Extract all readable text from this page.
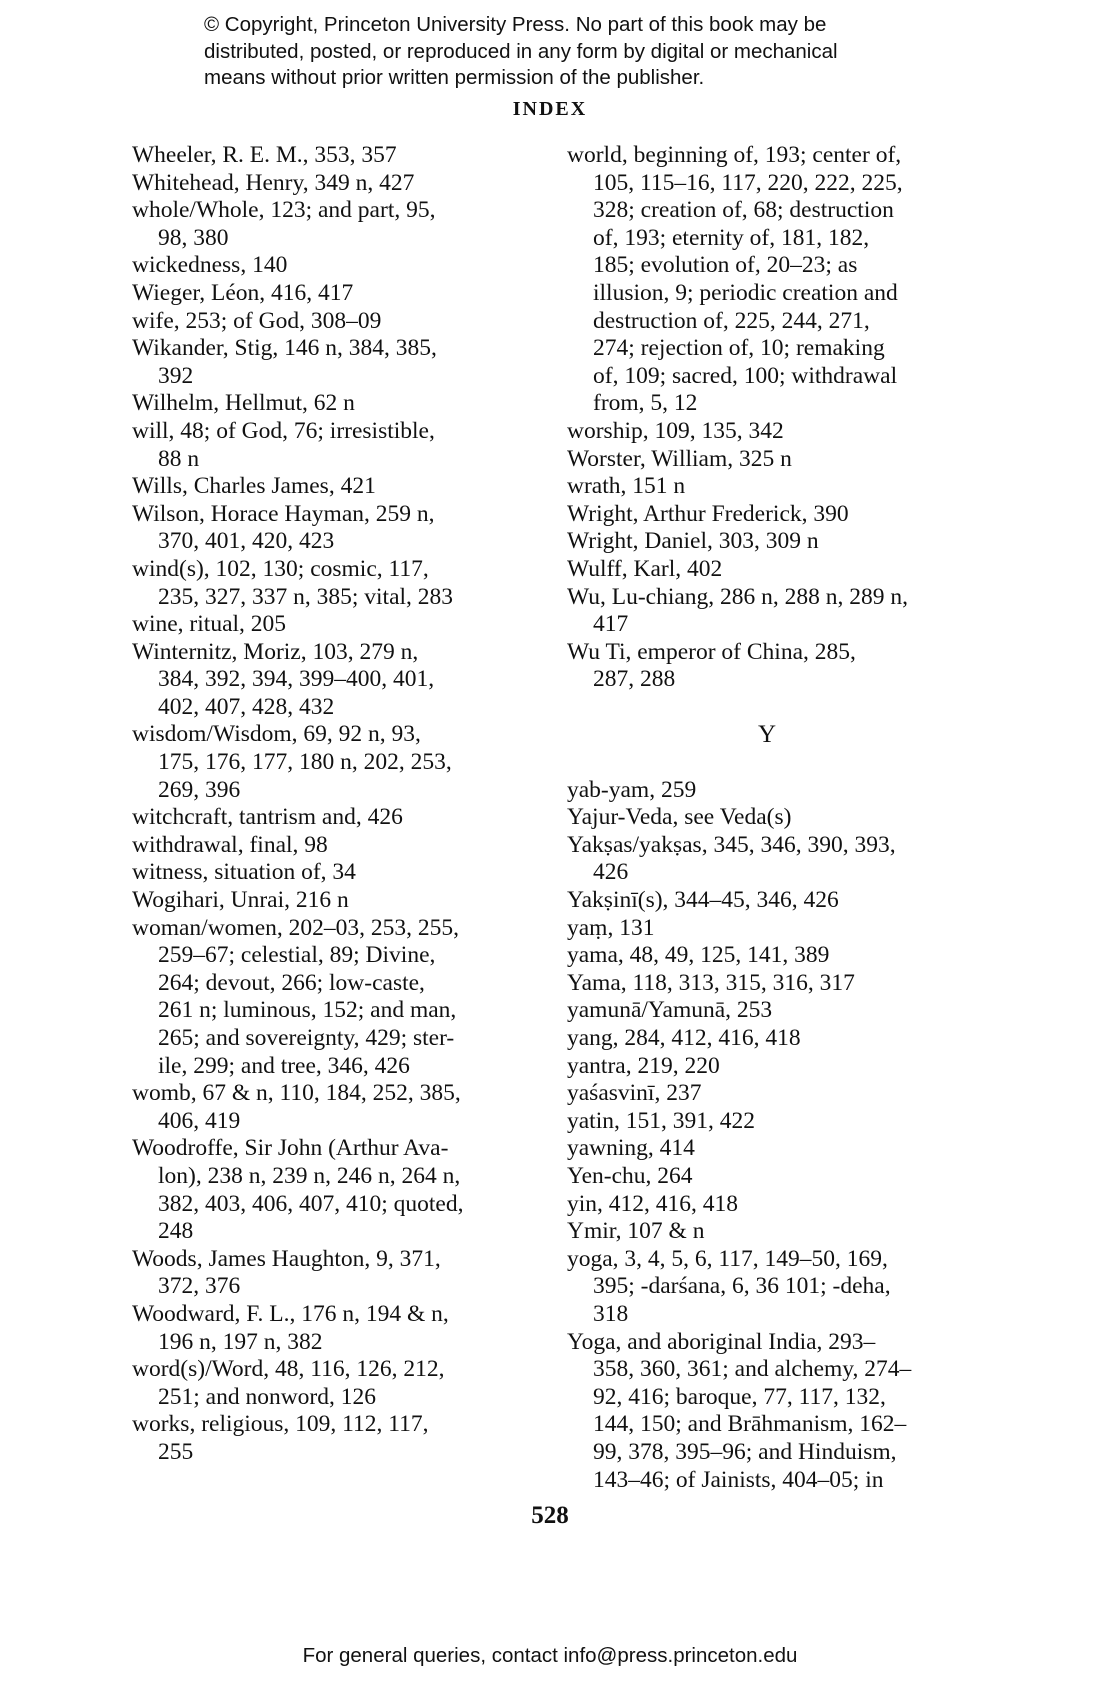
© Copyright, Princeton University Press. No part of this book may be
distributed, posted, or reproduced in any form by digital or mechanical
means without prior written permission of the publisher.
INDEX
Wheeler, R. E. M., 353, 357
Whitehead, Henry, 349 n, 427
whole/Whole, 123; and part, 95,
98, 380
wickedness, 140
Wieger, Léon, 416, 417
wife, 253; of God, 308–09
Wikander, Stig, 146 n, 384, 385,
392
Wilhelm, Hellmut, 62 n
will, 48; of God, 76; irresistible,
88 n
Wills, Charles James, 421
Wilson, Horace Hayman, 259 n,
370, 401, 420, 423
wind(s), 102, 130; cosmic, 117,
235, 327, 337 n, 385; vital, 283
wine, ritual, 205
Winternitz, Moriz, 103, 279 n,
384, 392, 394, 399–400, 401,
402, 407, 428, 432
wisdom/Wisdom, 69, 92 n, 93,
175, 176, 177, 180 n, 202, 253,
269, 396
witchcraft, tantrism and, 426
withdrawal, final, 98
witness, situation of, 34
Wogihari, Unrai, 216 n
woman/women, 202–03, 253, 255,
259–67; celestial, 89; Divine,
264; devout, 266; low-caste,
261 n; luminous, 152; and man,
265; and sovereignty, 429; ster-
ile, 299; and tree, 346, 426
womb, 67 & n, 110, 184, 252, 385,
406, 419
Woodroffe, Sir John (Arthur Ava-
lon), 238 n, 239 n, 246 n, 264 n,
382, 403, 406, 407, 410; quoted,
248
Woods, James Haughton, 9, 371,
372, 376
Woodward, F. L., 176 n, 194 & n,
196 n, 197 n, 382
word(s)/Word, 48, 116, 126, 212,
251; and nonword, 126
works, religious, 109, 112, 117,
255
world, beginning of, 193; center of,
105, 115–16, 117, 220, 222, 225,
328; creation of, 68; destruction
of, 193; eternity of, 181, 182,
185; evolution of, 20–23; as
illusion, 9; periodic creation and
destruction of, 225, 244, 271,
274; rejection of, 10; remaking
of, 109; sacred, 100; withdrawal
from, 5, 12
worship, 109, 135, 342
Worster, William, 325 n
wrath, 151 n
Wright, Arthur Frederick, 390
Wright, Daniel, 303, 309 n
Wulff, Karl, 402
Wu, Lu-chiang, 286 n, 288 n, 289 n,
417
Wu Ti, emperor of China, 285,
287, 288
Y
yab-yam, 259
Yajur-Veda, see Veda(s)
Yakṣas/yakṣas, 345, 346, 390, 393,
426
Yakṣinī(s), 344–45, 346, 426
yaṃ, 131
yama, 48, 49, 125, 141, 389
Yama, 118, 313, 315, 316, 317
yamunā/Yamunā, 253
yang, 284, 412, 416, 418
yantra, 219, 220
yaśasvinī, 237
yatin, 151, 391, 422
yawning, 414
Yen-chu, 264
yin, 412, 416, 418
Ymir, 107 & n
yoga, 3, 4, 5, 6, 117, 149–50, 169,
395; -darśana, 6, 36 101; -deha,
318
Yoga, and aboriginal India, 293–
358, 360, 361; and alchemy, 274–
92, 416; baroque, 77, 117, 132,
144, 150; and Brāhmanism, 162–
99, 378, 395–96; and Hinduism,
143–46; of Jainists, 404–05; in
528
For general queries, contact info@press.princeton.edu
